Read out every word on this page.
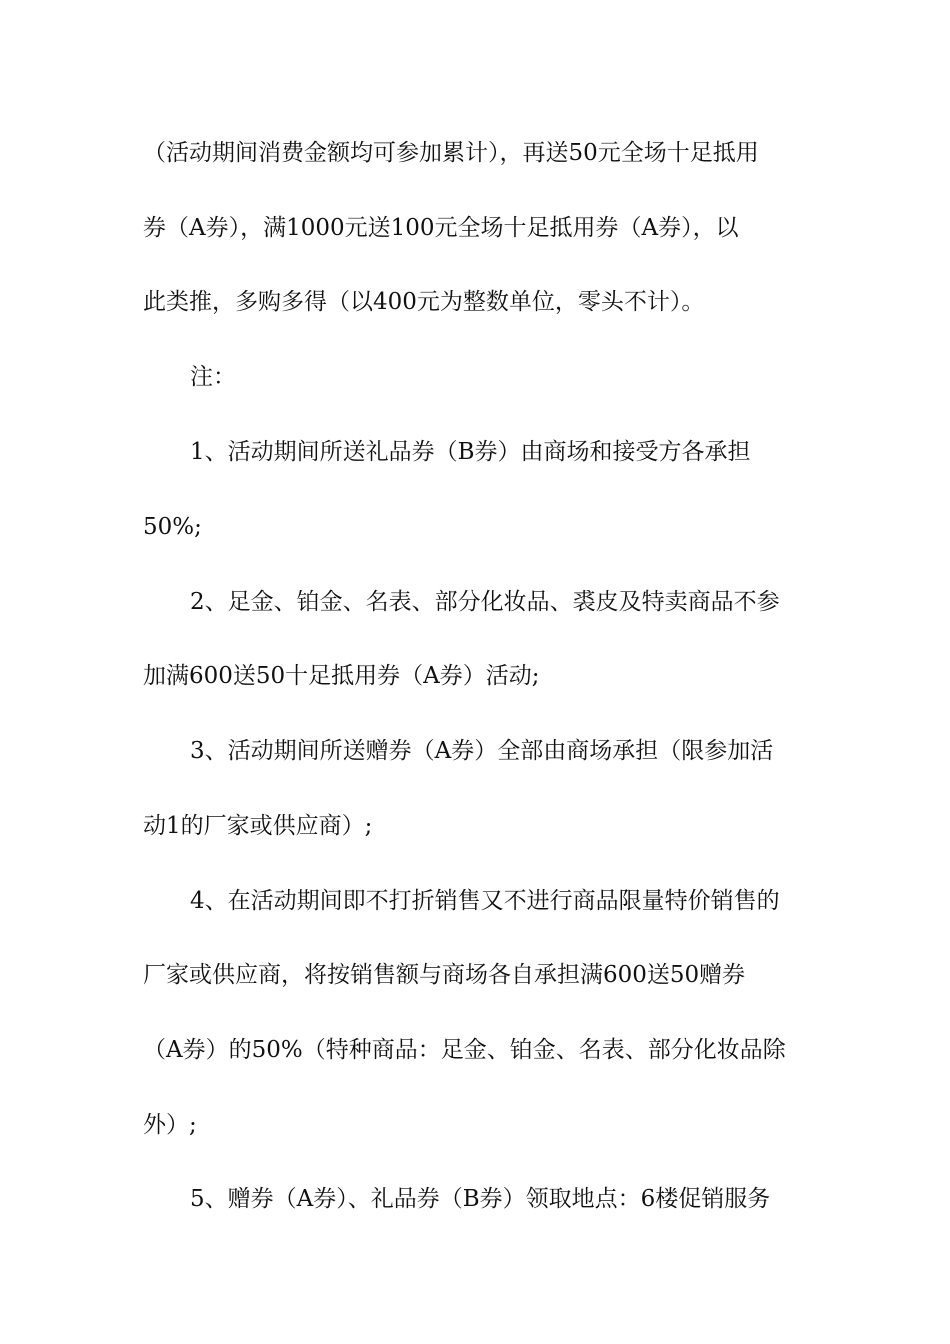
（活动期间消费金额均可参加累计），再送50元全场十足抵用
券（A券），满1000元送100元全场十足抵用券（A券），以
此类推，多购多得（以400元为整数单位，零头不计）。
注：
1、活动期间所送礼品券（B券）由商场和接受方各承担
50%;
2、足金、铂金、名表、部分化妆品、裘皮及特卖商品不参
加满600送50十足抵用券（A券）活动;
3、活动期间所送赠券（A券）全部由商场承担（限参加活
动1的厂家或供应商）;
4、在活动期间即不打折销售又不进行商品限量特价销售的
厂家或供应商，将按销售额与商场各自承担满600送50赠券
（A券）的50%（特种商品：足金、铂金、名表、部分化妆品除
外）;
5、赠券（A券）、礼品券（B券）领取地点：6楼促销服务
